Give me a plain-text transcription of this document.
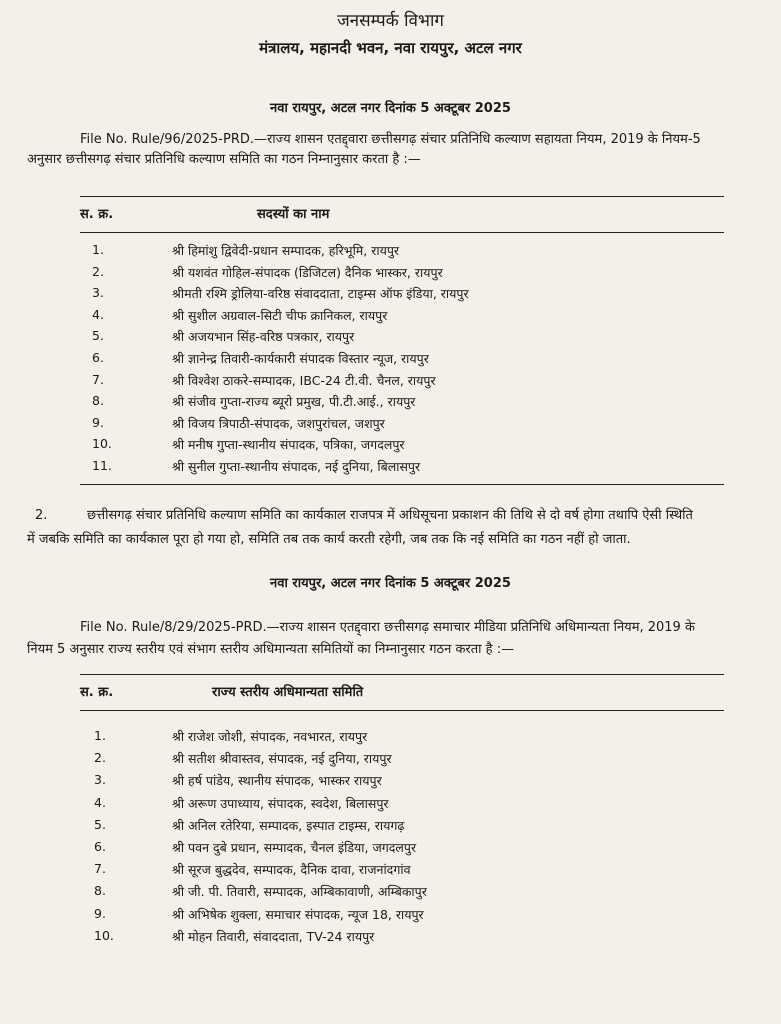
जनसम्पर्क विभाग
मंत्रालय, महानदी भवन, नवा रायपुर, अटल नगर
नवा रायपुर, अटल नगर दिनांक 5 अक्टूबर 2025
File No. Rule/96/2025-PRD.—राज्य शासन एतद्द्वारा छत्तीसगढ़ संचार प्रतिनिधि कल्याण सहायता नियम, 2019 के नियम-5
अनुसार छत्तीसगढ़ संचार प्रतिनिधि कल्याण समिति का गठन निम्नानुसार करता है :—
स. क्र.	सदस्यों का नाम
1.	श्री हिमांशु द्विवेदी-प्रधान सम्पादक, हरिभूमि, रायपुर
2.	श्री यशवंत गोहिल-संपादक (डिजिटल) दैनिक भास्कर, रायपुर
3.	श्रीमती रश्मि ड्रोलिया-वरिष्ठ संवाददाता, टाइम्स ऑफ इंडिया, रायपुर
4.	श्री सुशील अग्रवाल-सिटी चीफ क्रानिकल, रायपुर
5.	श्री अजयभान सिंह-वरिष्ठ पत्रकार, रायपुर
6.	श्री ज्ञानेन्द्र तिवारी-कार्यकारी संपादक विस्तार न्यूज, रायपुर
7.	श्री विश्वेश ठाकरे-सम्पादक, IBC-24 टी.वी. चैनल, रायपुर
8.	श्री संजीव गुप्ता-राज्य ब्यूरो प्रमुख, पी.टी.आई., रायपुर
9.	श्री विजय त्रिपाठी-संपादक, जशपुरांचल, जशपुर
10.	श्री मनीष गुप्ता-स्थानीय संपादक, पत्रिका, जगदलपुर
11.	श्री सुनील गुप्ता-स्थानीय संपादक, नई दुनिया, बिलासपुर
2.	छत्तीसगढ़ संचार प्रतिनिधि कल्याण समिति का कार्यकाल राजपत्र में अधिसूचना प्रकाशन की तिथि से दो वर्ष होगा तथापि ऐसी स्थिति
में जबकि समिति का कार्यकाल पूरा हो गया हो, समिति तब तक कार्य करती रहेगी, जब तक कि नई समिति का गठन नहीं हो जाता.
नवा रायपुर, अटल नगर दिनांक 5 अक्टूबर 2025
File No. Rule/8/29/2025-PRD.—राज्य शासन एतद्द्वारा छत्तीसगढ़ समाचार मीडिया प्रतिनिधि अधिमान्यता नियम, 2019 के
नियम 5 अनुसार राज्य स्तरीय एवं संभाग स्तरीय अधिमान्यता समितियों का निम्नानुसार गठन करता है :—
स. क्र.	राज्य स्तरीय अधिमान्यता समिति
1.	श्री राजेश जोशी, संपादक, नवभारत, रायपुर
2.	श्री सतीश श्रीवास्तव, संपादक, नई दुनिया, रायपुर
3.	श्री हर्ष पांडेय, स्थानीय संपादक, भास्कर रायपुर
4.	श्री अरूण उपाध्याय, संपादक, स्वदेश, बिलासपुर
5.	श्री अनिल रतेरिया, सम्पादक, इस्पात टाइम्स, रायगढ़
6.	श्री पवन दुबे प्रधान, सम्पादक, चैनल इंडिया, जगदलपुर
7.	श्री सूरज बुद्धदेव, सम्पादक, दैनिक दावा, राजनांदगांव
8.	श्री जी. पी. तिवारी, सम्पादक, अम्बिकावाणी, अम्बिकापुर
9.	श्री अभिषेक शुक्ला, समाचार संपादक, न्यूज 18, रायपुर
10.	श्री मोहन तिवारी, संवाददाता, TV-24 रायपुर
